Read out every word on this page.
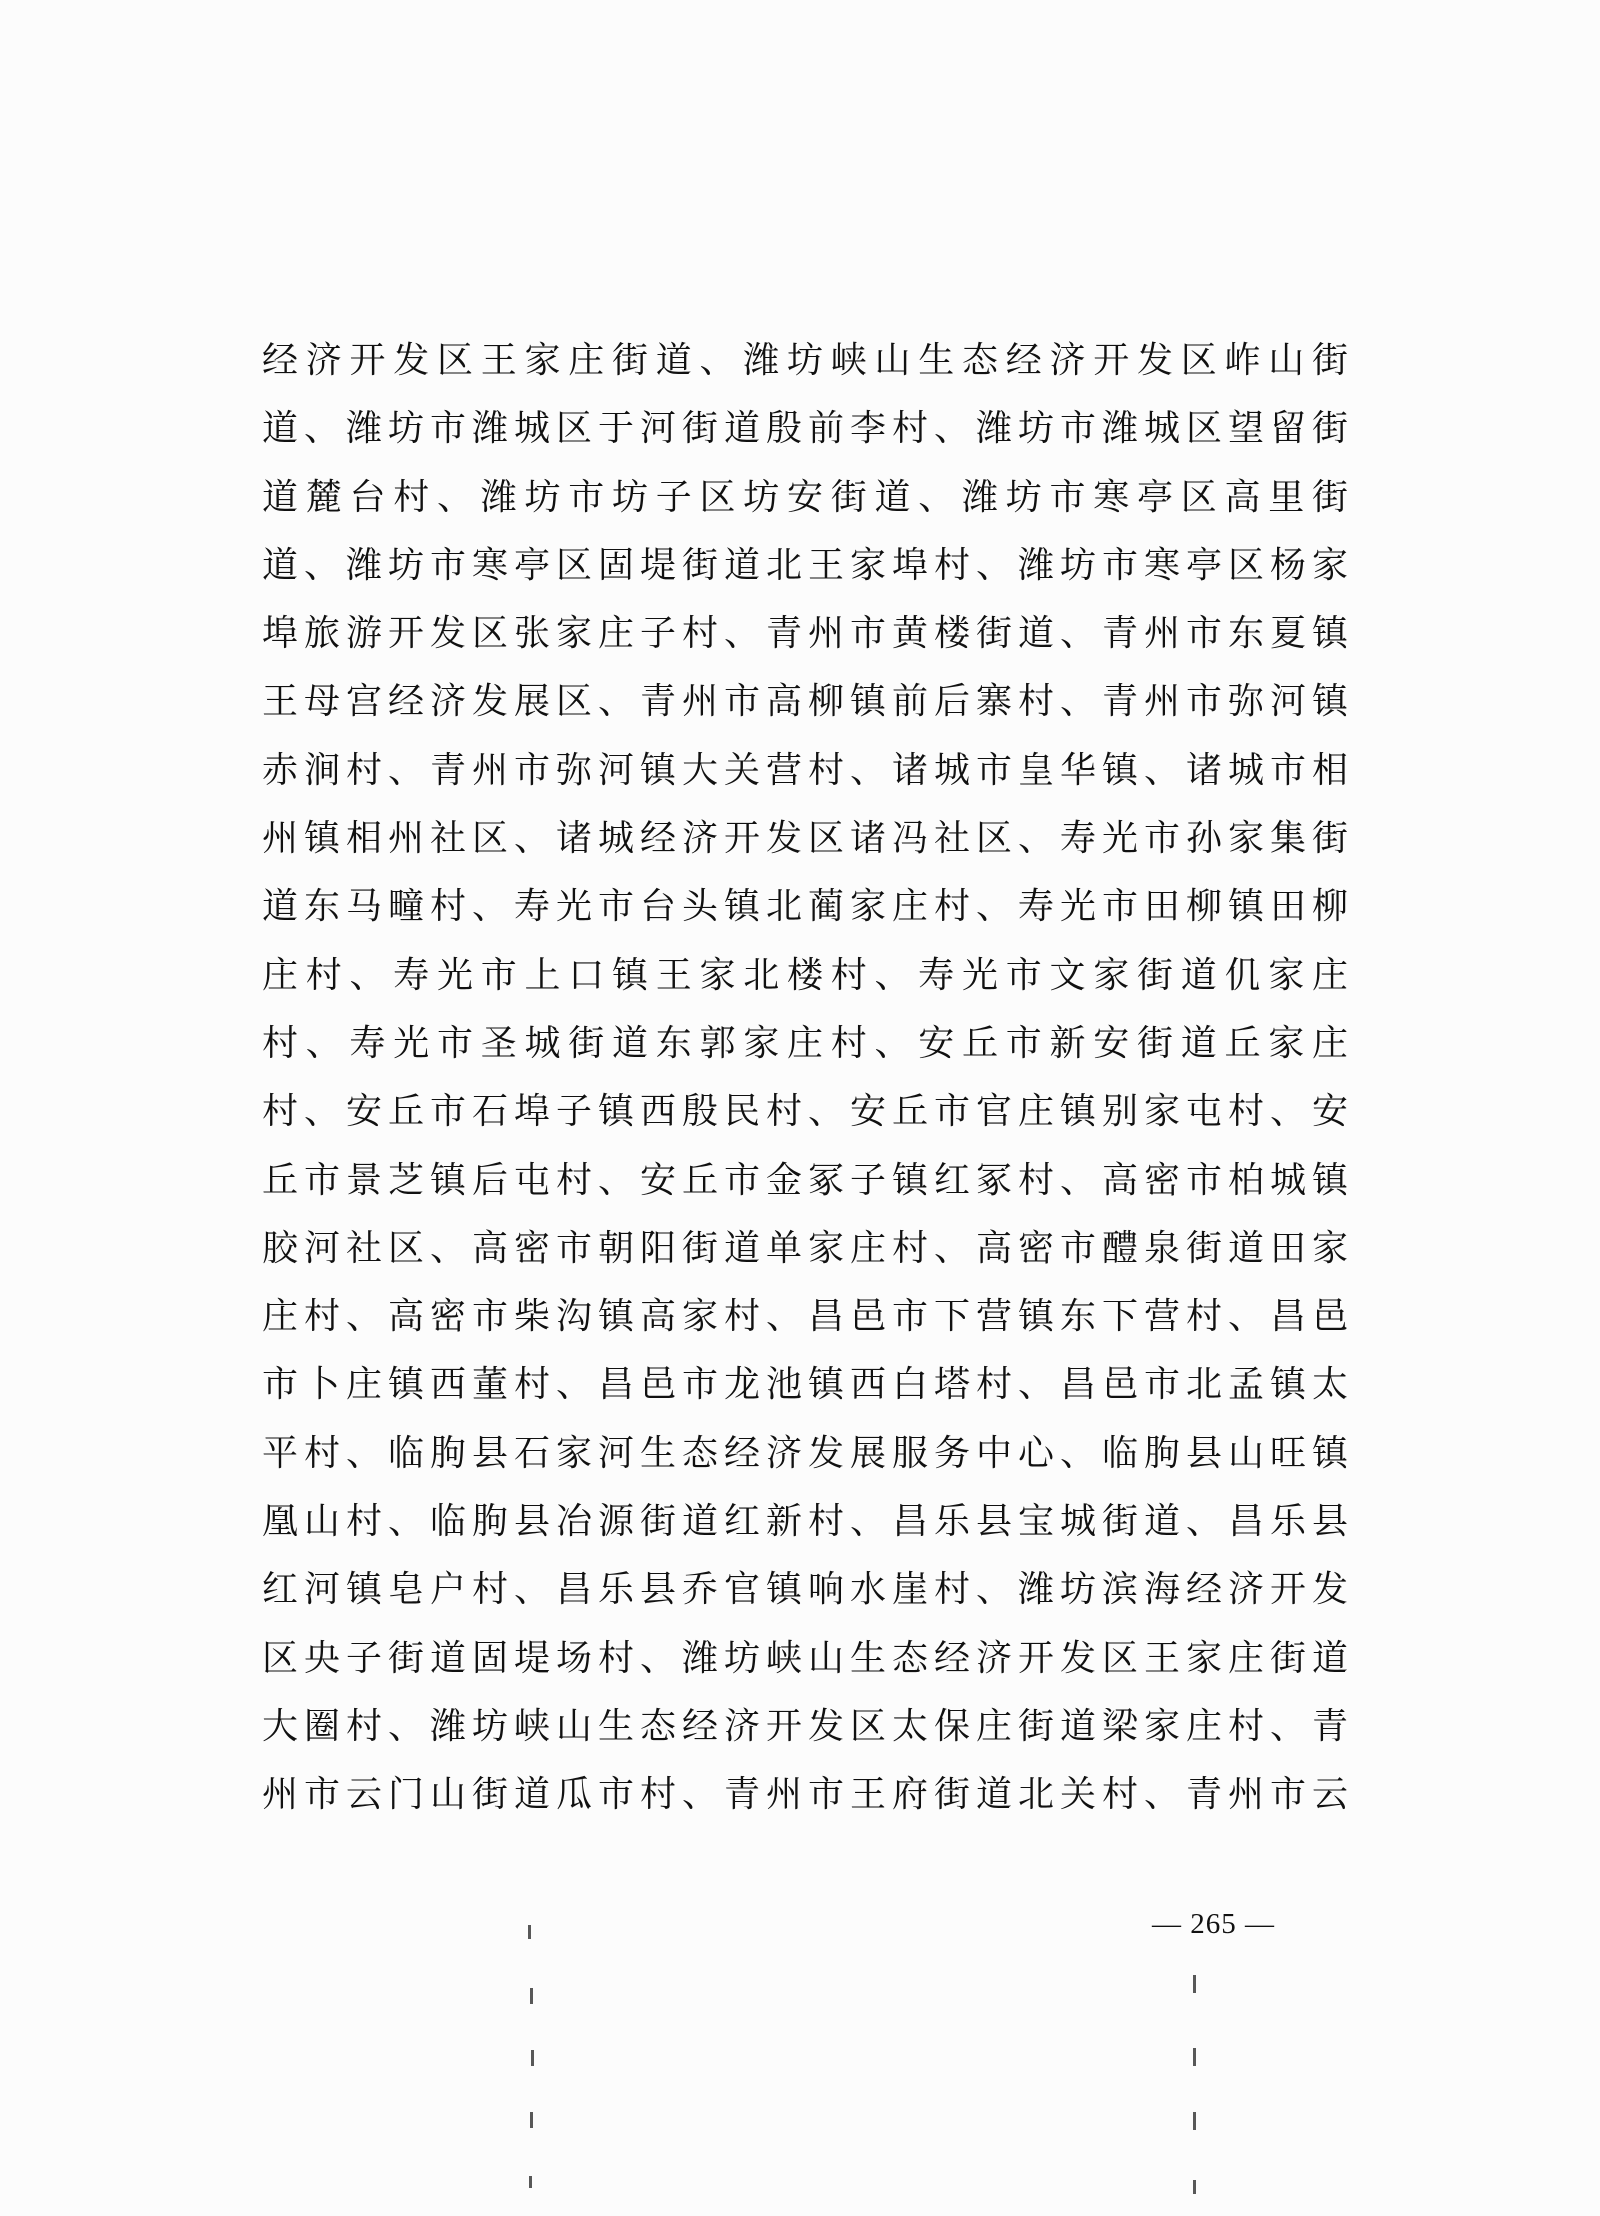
经济开发区王家庄街道、潍坊峡山生态经济开发区岞山街
道、潍坊市潍城区于河街道殷前李村、潍坊市潍城区望留街
道麓台村、潍坊市坊子区坊安街道、潍坊市寒亭区高里街
道、潍坊市寒亭区固堤街道北王家埠村、潍坊市寒亭区杨家
埠旅游开发区张家庄子村、青州市黄楼街道、青州市东夏镇
王母宫经济发展区、青州市高柳镇前后寨村、青州市弥河镇
赤涧村、青州市弥河镇大关营村、诸城市皇华镇、诸城市相
州镇相州社区、诸城经济开发区诸冯社区、寿光市孙家集街
道东马疃村、寿光市台头镇北蔺家庄村、寿光市田柳镇田柳
庄村、寿光市上口镇王家北楼村、寿光市文家街道仉家庄
村、寿光市圣城街道东郭家庄村、安丘市新安街道丘家庄
村、安丘市石埠子镇西殷民村、安丘市官庄镇别家屯村、安
丘市景芝镇后屯村、安丘市金冢子镇红冢村、高密市柏城镇
胶河社区、高密市朝阳街道单家庄村、高密市醴泉街道田家
庄村、高密市柴沟镇高家村、昌邑市下营镇东下营村、昌邑
市卜庄镇西董村、昌邑市龙池镇西白塔村、昌邑市北孟镇太
平村、临朐县石家河生态经济发展服务中心、临朐县山旺镇
凰山村、临朐县冶源街道红新村、昌乐县宝城街道、昌乐县
红河镇皂户村、昌乐县乔官镇响水崖村、潍坊滨海经济开发
区央子街道固堤场村、潍坊峡山生态经济开发区王家庄街道
大圈村、潍坊峡山生态经济开发区太保庄街道梁家庄村、青
州市云门山街道瓜市村、青州市王府街道北关村、青州市云
— 265 —
